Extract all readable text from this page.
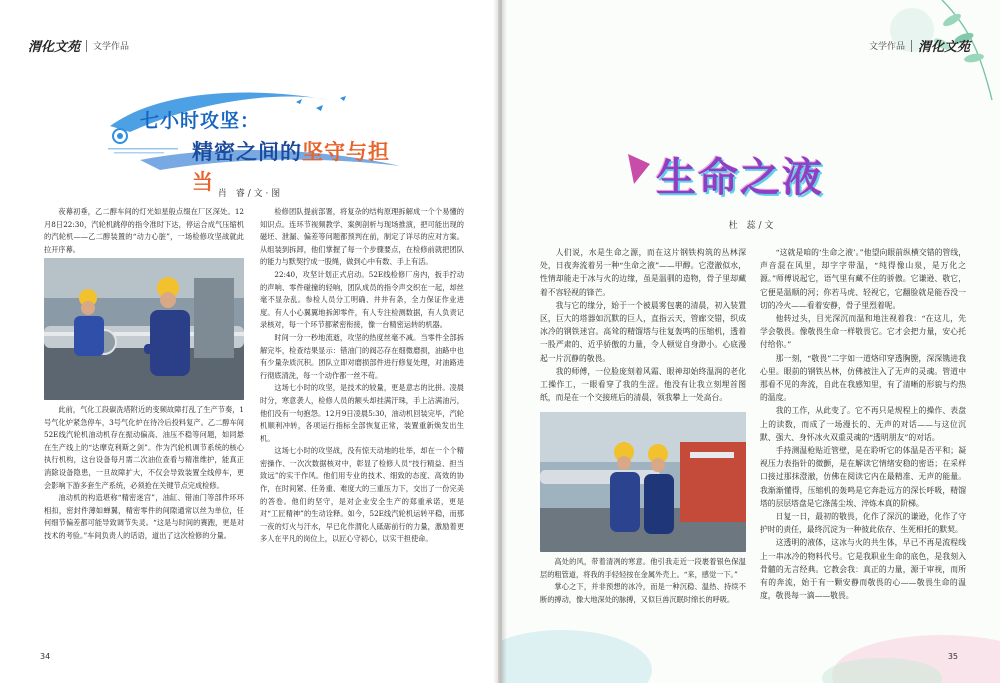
渭化文苑 文学作品
七小时攻坚：
精密之间的坚守与担当 肖　睿 / 文 · 图

夜幕初垂，乙二醇车间的灯光如星般点缀在厂区深处。12月8日22:30，汽轮机跳停的指令准时下达，停运合成气压缩机的汽轮机——乙二醇装置的“动力心脏”，一场检修攻坚战就此拉开序幕。

此前，气化工段碳洗塔附近的变频故障打乱了生产节奏，1号气化炉紧急停车，3号气化炉在待冷后投料复产。乙二醇车间52E线汽轮机油动机存在振动偏高、油压不稳等问题，如同悬在生产线上的“达摩克利斯之剑”。作为汽轮机调节系统的核心执行机构，这台设备每月需二次油位查看与精准维护，能真正消除设备隐患，一旦故障扩大，不仅会导致装置全线停车，更会影响下游多套生产系统，必须抢在关键节点完成检修。

油动机的构造堪称“精密迷宫”，油缸、错油门等部件环环相扣，密封件薄如蝉翼，精密零件的间隙通常以丝为单位，任何细节偏差都可能导致调节失灵。“这是与时间的赛跑，更是对技术的考验。”车间负责人的话语，道出了这次检修的分量。

检修团队提前部署，将复杂的结构原理拆解成一个个易懂的知识点。连环节视频教学、案例剖析与现场推演，把可能出现的磁坯、泄漏、偏差等问题都预判在前，制定了详尽的应对方案。从组装到拆卸，他们掌握了每一个步骤要点，在检修前就把团队的能力与默契拧成一股绳，做到心中有数、手上有活。

22:40，攻坚计划正式启动。52E线检修厂房内，扳手拧动的声响、零件碰撞的轻响，团队成员的指令声交织在一起，却丝毫不显杂乱。参检人员分工明确、井井有条，全力保证作业进度。有人小心翼翼地拆卸零件，有人专注检测数据，有人负责记录核对，每一个环节都紧密衔接，像一台精密运转的机器。

时间一分一秒地流逝，攻坚的热度丝毫不减。当零件全部拆解完毕，检查结果显示：错油门的阀芯存在细微磨损，油路中也有少量杂质沉积。团队立即对磨损部件进行修复处理，对油路进行彻底清洗，每一个动作都一丝不苟。

这场七小时的攻坚，是技术的较量，更是意志的比拼。凌晨时分，寒意袭人，检修人员的额头却挂满汗珠，手上沾满油污，他们没有一句抱怨。12月9日凌晨5:30，油动机回装完毕，汽轮机顺利冲转，各项运行指标全部恢复正常，装置重新焕发出生机。

这场七小时的攻坚战，没有惊天动地的壮举，却在一个个精密操作、一次次数据核对中，彰显了检修人员“技行精益、担当致远”的实干作风。他们用专业的技术、细致的态度、高效的协作，在时间紧、任务重、难度大的三重压力下，交出了一份完美的答卷。他们的坚守，是对企业安全生产的郑重承诺，更是对“工匠精神”的生动诠释。如今，52E线汽轮机运转平稳，而那一夜的灯火与汗水，早已化作渭化人砥砺前行的力量，激励着更多人在平凡的岗位上，以匠心守初心，以实干担使命。

34
文学作品 渭化文苑
生命之液
杜　蕊 / 文

人们说，水是生命之源，而在这片钢铁构筑的丛林深处，日夜奔流着另一种“生命之液”——甲醇。它澄澈似水，性情却能走于冰与火的边缘，虽是温驯的造物，骨子里却藏着不容轻视的锋芒。

我与它的缘分，始于一个被晨雾包裹的清晨，初入装置区，巨大的塔器如沉默的巨人，直指云天，管廊交错，织成冰冷的钢铁迷宫。高耸的精馏塔与往复轰鸣的压缩机，透着一股严肃的、近乎骄傲的力量，令人顿觉自身渺小。心底漫起一片沉静的敬畏。

我的师傅，一位脸庞刻着风霜、眼神却始终温润的老化工操作工，一眼看穿了我的生涩。他没有让我立刻埋首图纸，而是在一个交接班后的清晨，领我攀上一处高台。

高处的风，带着清冽的寒意。他引我走近一段裹着银色保温层的粗管道，将我的手轻轻按在金属外壳上。“来，感觉一下。”

掌心之下，并非预想的冰冷，而是一种沉稳、温热、持续不断的搏动，像大地深处的脉搏，又似巨兽沉眠时绵长的呼吸。

“这就是咱的‘生命之液’。”他望向眼前纵横交错的管线，声音混在风里，却字字带温，“纯得像山泉，是万化之源。”师傅说起它，语气里有藏不住的骄傲。它谦逊、敬它，它便是温顺的河；你若马虎、轻视它，它翻脸就是能吞没一切的冷火——看着安静，骨子里烈着呢。

他转过头，目光深沉而温和地注视着我：“在这儿，先学会敬畏。像敬畏生命一样敬畏它。它才会把力量，安心托付给你。”

那一刻，“敬畏”二字如一道烙印穿透胸膛，深深镌进我心里。眼前的钢铁丛林，仿佛被注入了无声的灵魂。管道中那看不见的奔流，自此在我感知里，有了清晰的形貌与灼热的温度。

我的工作，从此变了。它不再只是规程上的操作、表盘上的读数，而成了一场漫长的、无声的对话——与这位沉默、强大、身怀冰火双重灵魂的“透明朋友”的对话。

手持测温枪贴近管壁，是在聆听它的体温是否平和；凝视压力表指针的微颤，是在解读它情绪安稳的密语；在采样口接过那抹澄澈，仿佛在阅读它内在最精准、无声的能量。我渐渐懂得，压缩机的轰鸣是它奔赴远方的深长呼吸，精馏塔的层层塔盘是它涤荡尘埃、淬炼本真的阶梯。

日复一日，最初的敬畏，化作了深沉的谦逊，化作了守护时的责任，最终沉淀为一种彼此依存、生死相托的默契。

这透明的液体，这冰与火的共生体，早已不再是流程线上一串冰冷的物料代号。它是我职业生命的底色，是我刻入骨髓的无言经典。它教会我：真正的力量，源于审视，而所有的奔流，始于有一颗安静而敬畏的心——敬畏生命的温度，敬畏每一滴——敬畏。

35
